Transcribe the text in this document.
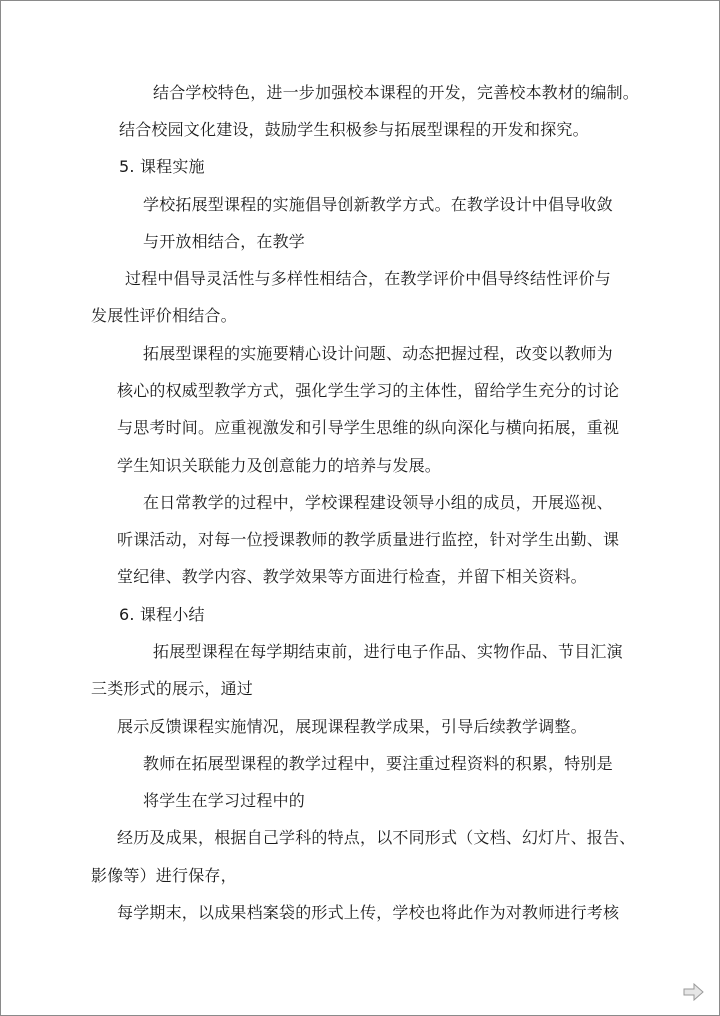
结合学校特色，进一步加强校本课程的开发，完善校本教材的编制。
结合校园文化建设，鼓励学生积极参与拓展型课程的开发和探究。
5. 课程实施
学校拓展型课程的实施倡导创新教学方式。在教学设计中倡导收敛
与开放相结合，在教学
过程中倡导灵活性与多样性相结合，在教学评价中倡导终结性评价与
发展性评价相结合。
拓展型课程的实施要精心设计问题、动态把握过程，改变以教师为
核心的权威型教学方式，强化学生学习的主体性，留给学生充分的讨论
与思考时间。应重视激发和引导学生思维的纵向深化与横向拓展，重视
学生知识关联能力及创意能力的培养与发展。
在日常教学的过程中，学校课程建设领导小组的成员，开展巡视、
听课活动，对每一位授课教师的教学质量进行监控，针对学生出勤、课
堂纪律、教学内容、教学效果等方面进行检查，并留下相关资料。
6. 课程小结
拓展型课程在每学期结束前，进行电子作品、实物作品、节目汇演
三类形式的展示，通过
展示反馈课程实施情况，展现课程教学成果，引导后续教学调整。
教师在拓展型课程的教学过程中，要注重过程资料的积累，特别是
将学生在学习过程中的
经历及成果，根据自己学科的特点，以不同形式（文档、幻灯片、报告、
影像等）进行保存，
每学期末，以成果档案袋的形式上传，学校也将此作为对教师进行考核
